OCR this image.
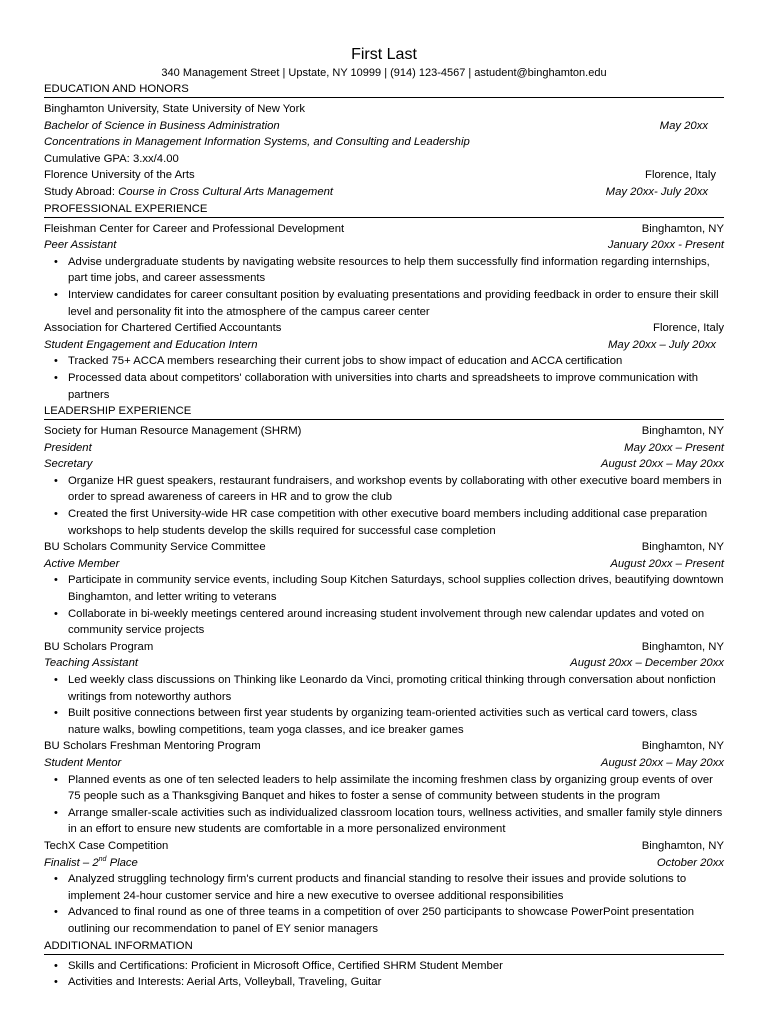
First Last
340 Management Street | Upstate, NY 10999 | (914) 123-4567 | astudent@binghamton.edu
EDUCATION AND HONORS
Binghamton University, State University of New York
Bachelor of Science in Business Administration	May 20xx
Concentrations in Management Information Systems, and Consulting and Leadership
Cumulative GPA: 3.xx/4.00
Florence University of the Arts	Florence, Italy
Study Abroad: Course in Cross Cultural Arts Management	May 20xx- July 20xx
PROFESSIONAL EXPERIENCE
Fleishman Center for Career and Professional Development	Binghamton, NY
Peer Assistant	January 20xx - Present
• Advise undergraduate students by navigating website resources to help them successfully find information regarding internships, part time jobs, and career assessments
• Interview candidates for career consultant position by evaluating presentations and providing feedback in order to ensure their skill level and personality fit into the atmosphere of the campus career center
Association for Chartered Certified Accountants	Florence, Italy
Student Engagement and Education Intern	May 20xx – July 20xx
• Tracked 75+ ACCA members researching their current jobs to show impact of education and ACCA certification
• Processed data about competitors' collaboration with universities into charts and spreadsheets to improve communication with partners
LEADERSHIP EXPERIENCE
Society for Human Resource Management (SHRM)	Binghamton, NY
President	May 20xx – Present
Secretary	August 20xx – May 20xx
• Organize HR guest speakers, restaurant fundraisers, and workshop events by collaborating with other executive board members in order to spread awareness of careers in HR and to grow the club
• Created the first University-wide HR case competition with other executive board members including additional case preparation workshops to help students develop the skills required for successful case completion
BU Scholars Community Service Committee	Binghamton, NY
Active Member	August 20xx – Present
• Participate in community service events, including Soup Kitchen Saturdays, school supplies collection drives, beautifying downtown Binghamton, and letter writing to veterans
• Collaborate in bi-weekly meetings centered around increasing student involvement through new calendar updates and voted on community service projects
BU Scholars Program	Binghamton, NY
Teaching Assistant	August 20xx – December 20xx
• Led weekly class discussions on Thinking like Leonardo da Vinci, promoting critical thinking through conversation about nonfiction writings from noteworthy authors
• Built positive connections between first year students by organizing team-oriented activities such as vertical card towers, class nature walks, bowling competitions, team yoga classes, and ice breaker games
BU Scholars Freshman Mentoring Program	Binghamton, NY
Student Mentor	August 20xx – May 20xx
• Planned events as one of ten selected leaders to help assimilate the incoming freshmen class by organizing group events of over 75 people such as a Thanksgiving Banquet and hikes to foster a sense of community between students in the program
• Arrange smaller-scale activities such as individualized classroom location tours, wellness activities, and smaller family style dinners in an effort to ensure new students are comfortable in a more personalized environment
TechX Case Competition	Binghamton, NY
Finalist – 2nd Place	October 20xx
• Analyzed struggling technology firm's current products and financial standing to resolve their issues and provide solutions to implement 24-hour customer service and hire a new executive to oversee additional responsibilities
• Advanced to final round as one of three teams in a competition of over 250 participants to showcase PowerPoint presentation outlining our recommendation to panel of EY senior managers
ADDITIONAL INFORMATION
• Skills and Certifications: Proficient in Microsoft Office, Certified SHRM Student Member
• Activities and Interests: Aerial Arts, Volleyball, Traveling, Guitar
